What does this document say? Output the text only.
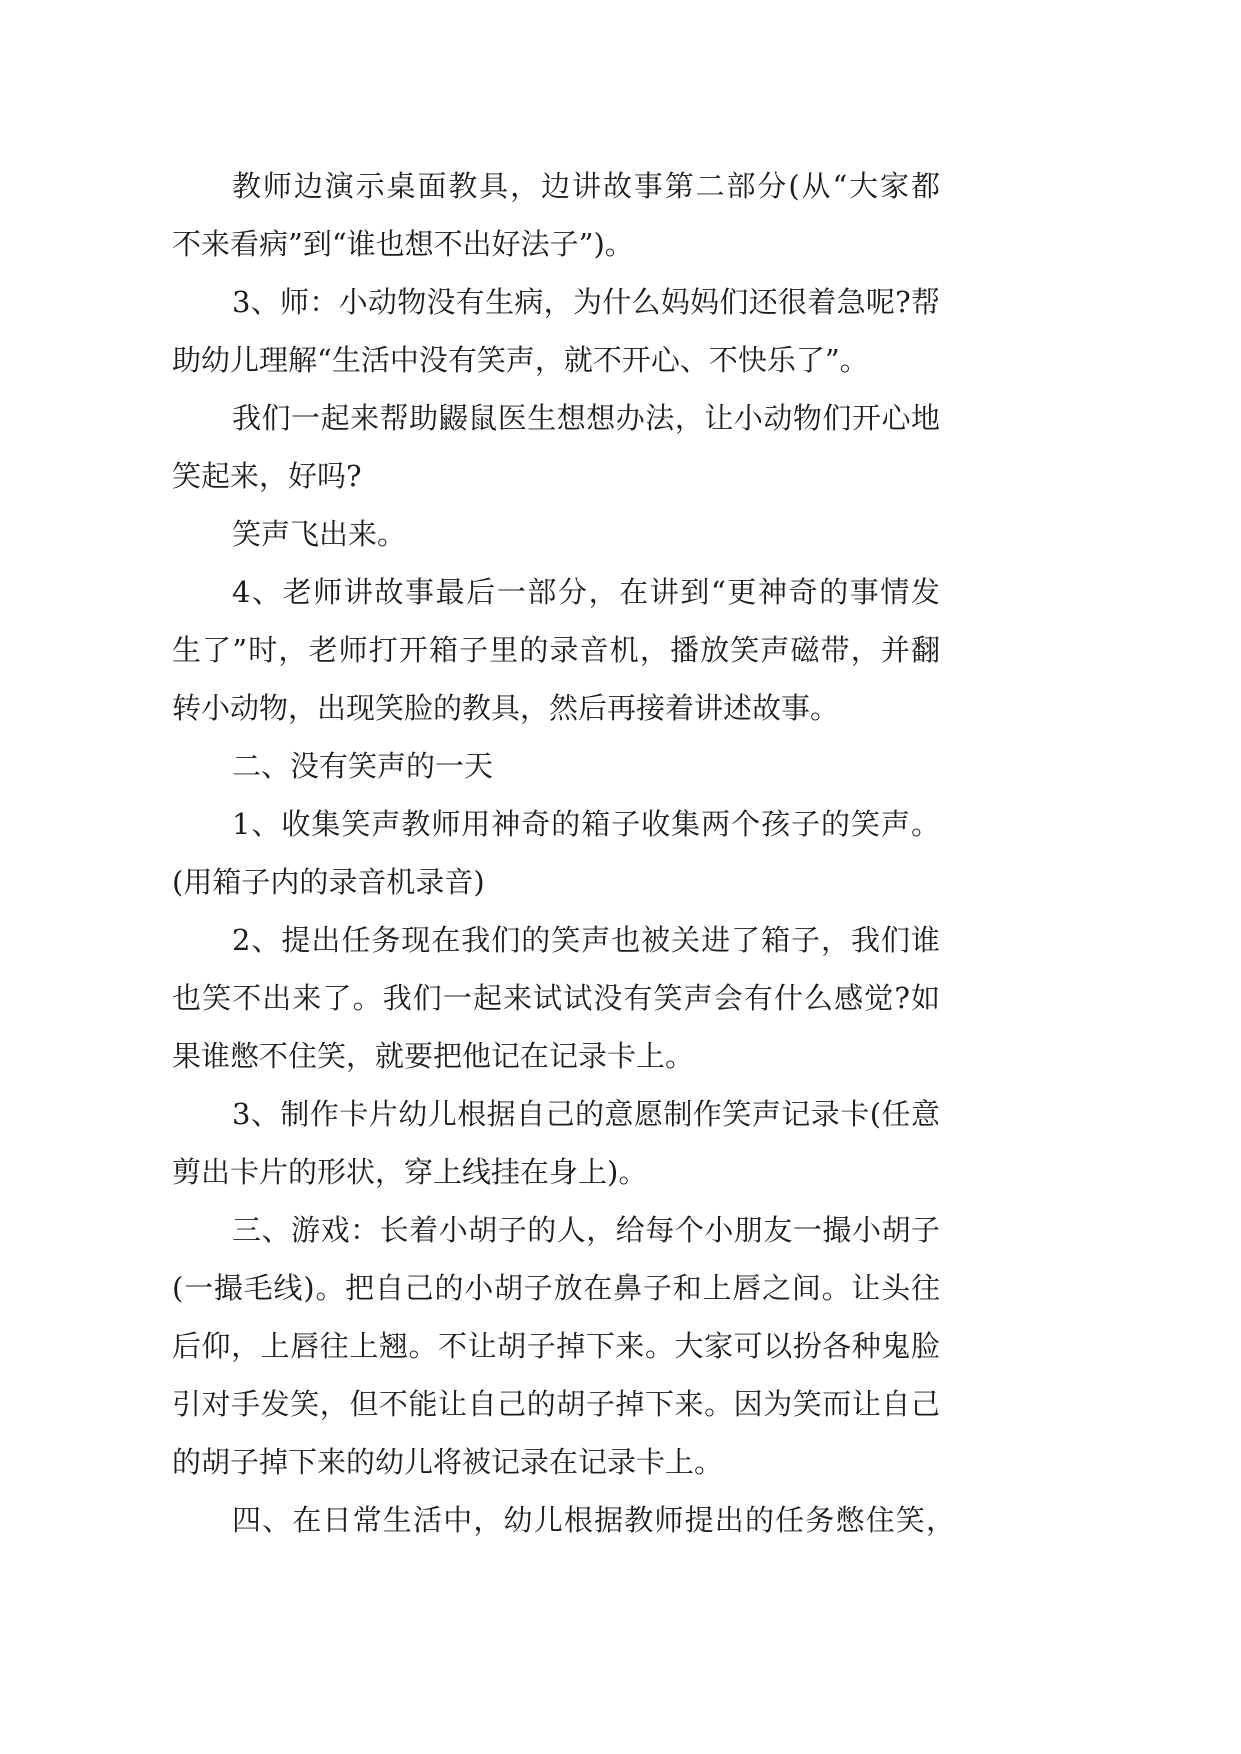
教师边演示桌面教具，边讲故事第二部分(从“大家都
不来看病”到“谁也想不出好法子”)。
3、师：小动物没有生病，为什么妈妈们还很着急呢?帮
助幼儿理解“生活中没有笑声，就不开心、不快乐了”。
我们一起来帮助鼹鼠医生想想办法，让小动物们开心地
笑起来，好吗?
笑声飞出来。
4、老师讲故事最后一部分，在讲到“更神奇的事情发
生了”时，老师打开箱子里的录音机，播放笑声磁带，并翻
转小动物，出现笑脸的教具，然后再接着讲述故事。
二、没有笑声的一天
1、收集笑声教师用神奇的箱子收集两个孩子的笑声。
(用箱子内的录音机录音)
2、提出任务现在我们的笑声也被关进了箱子，我们谁
也笑不出来了。我们一起来试试没有笑声会有什么感觉?如
果谁憋不住笑，就要把他记在记录卡上。
3、制作卡片幼儿根据自己的意愿制作笑声记录卡(任意
剪出卡片的形状，穿上线挂在身上)。
三、游戏：长着小胡子的人，给每个小朋友一撮小胡子
(一撮毛线)。把自己的小胡子放在鼻子和上唇之间。让头往
后仰，上唇往上翘。不让胡子掉下来。大家可以扮各种鬼脸
引对手发笑，但不能让自己的胡子掉下来。因为笑而让自己
的胡子掉下来的幼儿将被记录在记录卡上。
四、在日常生活中，幼儿根据教师提出的任务憋住笑，
